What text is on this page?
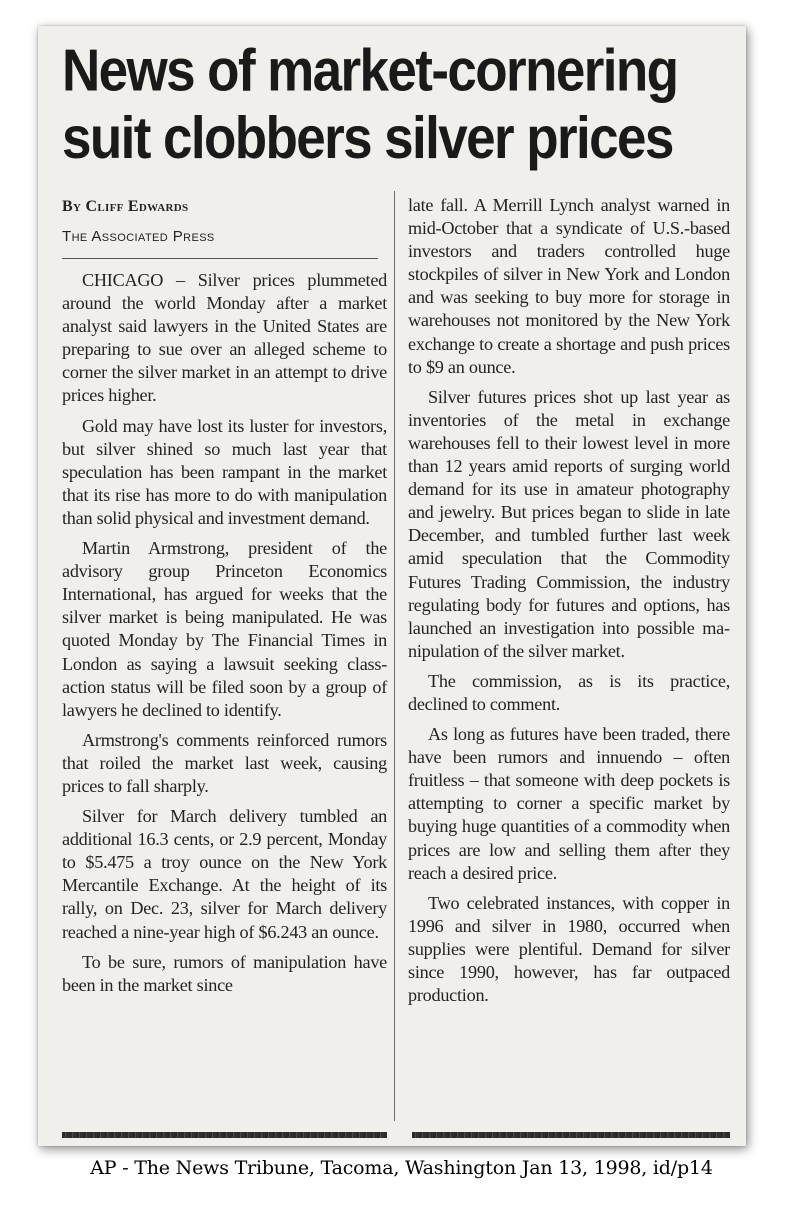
News of market-cornering
suit clobbers silver prices
By Cliff Edwards
The Associated Press

CHICAGO – Silver prices plummeted around the world Monday after a market analyst said lawyers in the United States are preparing to sue over an alleged scheme to corner the silver market in an attempt to drive prices higher.

Gold may have lost its luster for investors, but silver shined so much last year that speculation has been rampant in the market that its rise has more to do with manipulation than solid physical and investment demand.

Martin Armstrong, president of the advisory group Princeton Economics International, has argued for weeks that the silver market is being manipulated. He was quoted Monday by The Financial Times in London as saying a lawsuit seeking class-action status will be filed soon by a group of lawyers he declined to identify.

Armstrong's comments reinforced rumors that roiled the market last week, causing prices to fall sharply.

Silver for March delivery tumbled an additional 16.3 cents, or 2.9 percent, Monday to $5.475 a troy ounce on the New York Mercantile Exchange. At the height of its rally, on Dec. 23, silver for March delivery reached a nine-year high of $6.243 an ounce.

To be sure, rumors of manipulation have been in the market since

late fall. A Merrill Lynch analyst warned in mid-October that a syndicate of U.S.-based investors and traders controlled huge stockpiles of silver in New York and London and was seeking to buy more for storage in warehouses not monitored by the New York exchange to create a shortage and push prices to $9 an ounce.

Silver futures prices shot up last year as inventories of the metal in exchange warehouses fell to their lowest level in more than 12 years amid reports of surging world demand for its use in amateur photography and jewelry. But prices began to slide in late December, and tumbled further last week amid speculation that the Commodity Futures Trading Commission, the industry regulating body for futures and options, has launched an investigation into possible manipulation of the silver market.

The commission, as is its practice, declined to comment.

As long as futures have been traded, there have been rumors and innuendo – often fruitless – that someone with deep pockets is attempting to corner a specific market by buying huge quantities of a commodity when prices are low and selling them after they reach a desired price.

Two celebrated instances, with copper in 1996 and silver in 1980, occurred when supplies were plentiful. Demand for silver since 1990, however, has far outpaced production.

AP - The News Tribune, Tacoma, Washington Jan 13, 1998, id/p14
